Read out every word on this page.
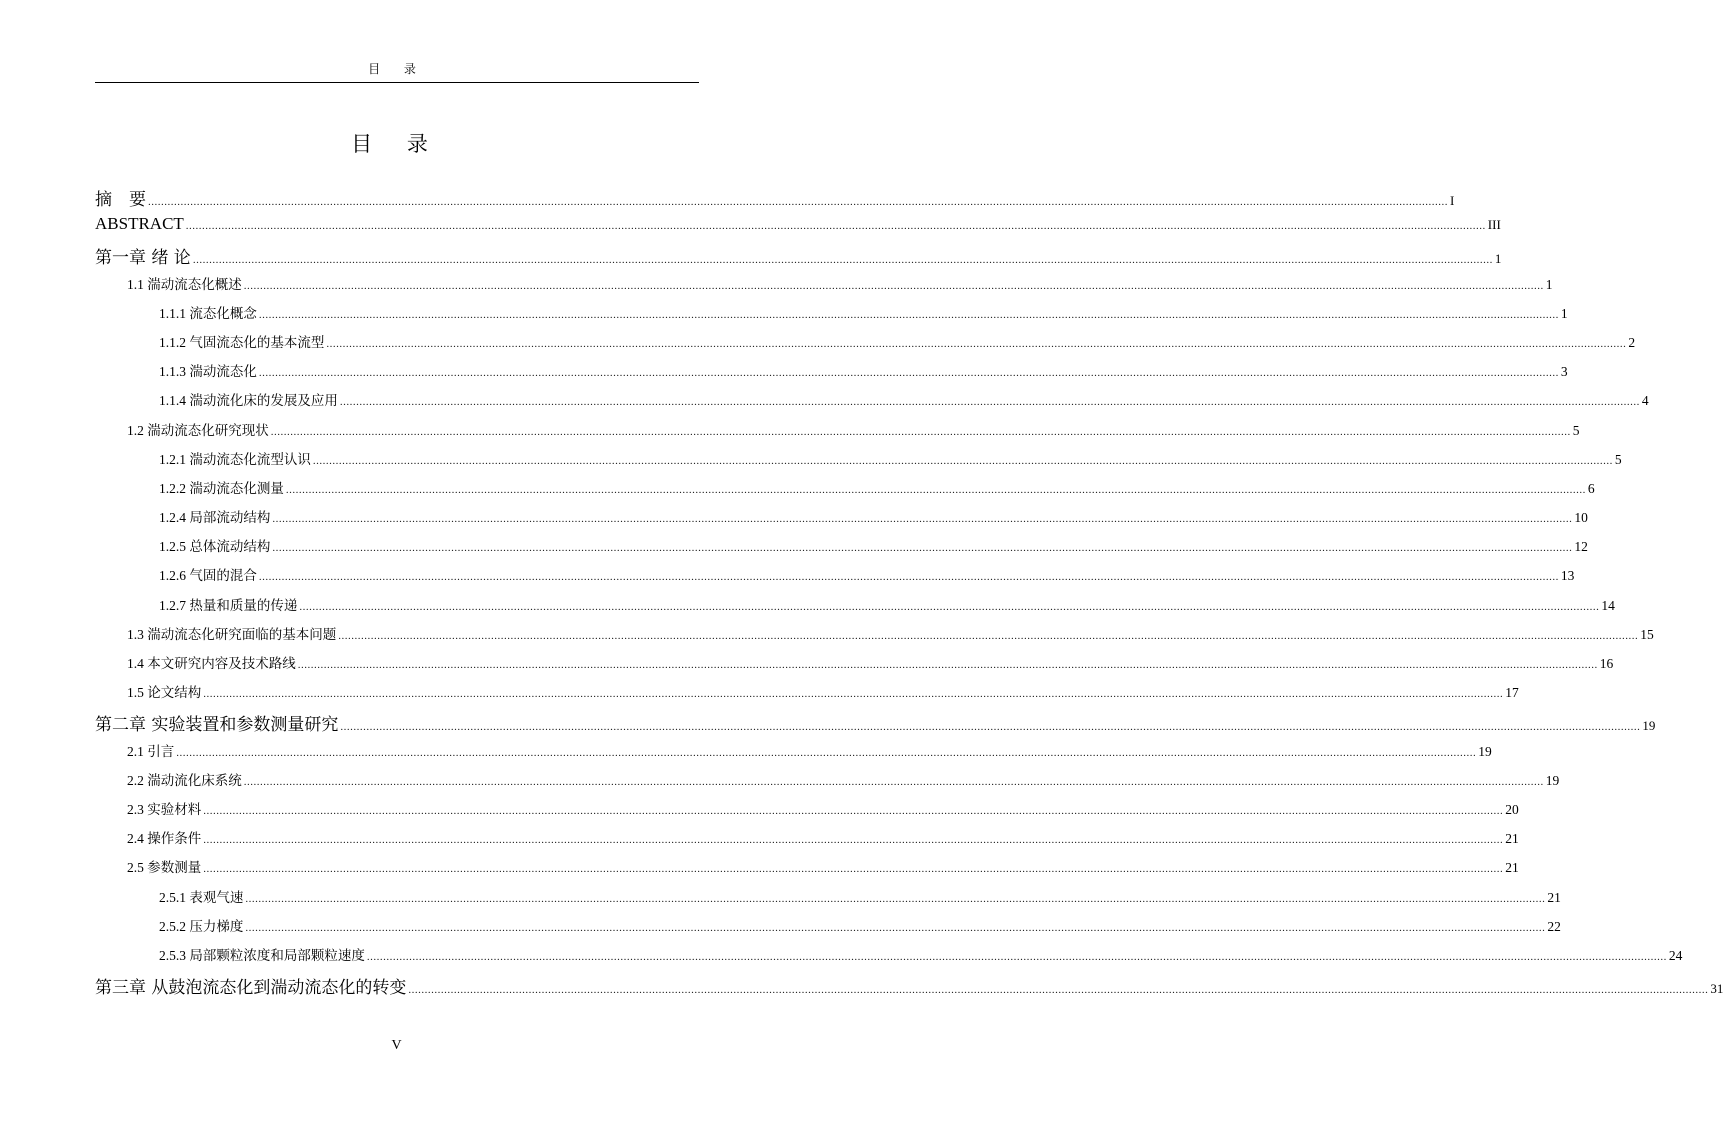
目 录
目 录
摘　要 ................................................................................................................................................................................................................................................................................................................................................................................................................ I
ABSTRACT ................................................................................................................................................................................................................................................................................................................................................................................................................ III
第一章 绪 论 ................................................................................................................................................................................................................................................................................................................................................................................................................ 1
1.1 湍动流态化概述 ................................................................................................................................................................................................................................................................................................................................................................................................................ 1
1.1.1 流态化概念 ................................................................................................................................................................................................................................................................................................................................................................................................................ 1
1.1.2 气固流态化的基本流型 ................................................................................................................................................................................................................................................................................................................................................................................................................ 2
1.1.3 湍动流态化 ................................................................................................................................................................................................................................................................................................................................................................................................................ 3
1.1.4 湍动流化床的发展及应用 ................................................................................................................................................................................................................................................................................................................................................................................................................ 4
1.2 湍动流态化研究现状 ................................................................................................................................................................................................................................................................................................................................................................................................................ 5
1.2.1 湍动流态化流型认识 ................................................................................................................................................................................................................................................................................................................................................................................................................ 5
1.2.2 湍动流态化测量 ................................................................................................................................................................................................................................................................................................................................................................................................................ 6
1.2.4 局部流动结构 ................................................................................................................................................................................................................................................................................................................................................................................................................ 10
1.2.5 总体流动结构 ................................................................................................................................................................................................................................................................................................................................................................................................................ 12
1.2.6 气固的混合 ................................................................................................................................................................................................................................................................................................................................................................................................................ 13
1.2.7 热量和质量的传递 ................................................................................................................................................................................................................................................................................................................................................................................................................ 14
1.3 湍动流态化研究面临的基本问题 ................................................................................................................................................................................................................................................................................................................................................................................................................ 15
1.4 本文研究内容及技术路线 ................................................................................................................................................................................................................................................................................................................................................................................................................ 16
1.5 论文结构 ................................................................................................................................................................................................................................................................................................................................................................................................................ 17
第二章 实验装置和参数测量研究 ................................................................................................................................................................................................................................................................................................................................................................................................................ 19
2.1 引言 ................................................................................................................................................................................................................................................................................................................................................................................................................ 19
2.2 湍动流化床系统 ................................................................................................................................................................................................................................................................................................................................................................................................................ 19
2.3 实验材料 ................................................................................................................................................................................................................................................................................................................................................................................................................ 20
2.4 操作条件 ................................................................................................................................................................................................................................................................................................................................................................................................................ 21
2.5 参数测量 ................................................................................................................................................................................................................................................................................................................................................................................................................ 21
2.5.1 表观气速 ................................................................................................................................................................................................................................................................................................................................................................................................................ 21
2.5.2 压力梯度 ................................................................................................................................................................................................................................................................................................................................................................................................................ 22
2.5.3 局部颗粒浓度和局部颗粒速度 ................................................................................................................................................................................................................................................................................................................................................................................................................ 24
第三章 从鼓泡流态化到湍动流态化的转变 ................................................................................................................................................................................................................................................................................................................................................................................................................ 31
V
